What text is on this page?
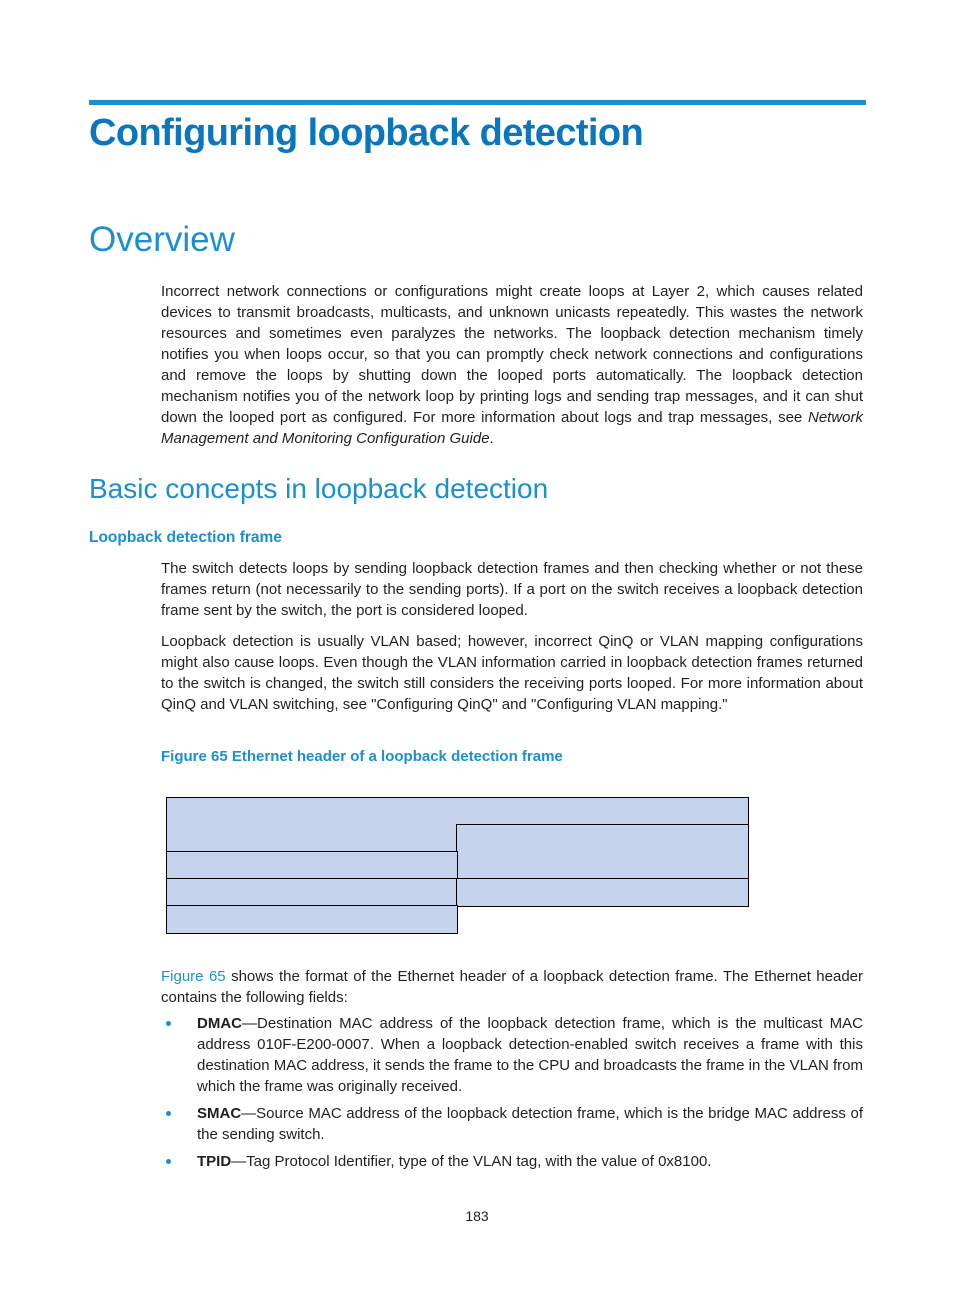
Configuring loopback detection
Overview

Incorrect network connections or configurations might create loops at Layer 2, which causes related devices to transmit broadcasts, multicasts, and unknown unicasts repeatedly. This wastes the network resources and sometimes even paralyzes the networks. The loopback detection mechanism timely notifies you when loops occur, so that you can promptly check network connections and configurations and remove the loops by shutting down the looped ports automatically. The loopback detection mechanism notifies you of the network loop by printing logs and sending trap messages, and it can shut down the looped port as configured. For more information about logs and trap messages, see Network Management and Monitoring Configuration Guide.

Basic concepts in loopback detection
Loopback detection frame

The switch detects loops by sending loopback detection frames and then checking whether or not these frames return (not necessarily to the sending ports). If a port on the switch receives a loopback detection frame sent by the switch, the port is considered looped.

Loopback detection is usually VLAN based; however, incorrect QinQ or VLAN mapping configurations might also cause loops. Even though the VLAN information carried in loopback detection frames returned to the switch is changed, the switch still considers the receiving ports looped. For more information about QinQ and VLAN switching, see "Configuring QinQ" and "Configuring VLAN mapping."

Figure 65 Ethernet header of a loopback detection frame

Figure 65 shows the format of the Ethernet header of a loopback detection frame. The Ethernet header contains the following fields:

DMAC—Destination MAC address of the loopback detection frame, which is the multicast MAC address 010F-E200-0007. When a loopback detection-enabled switch receives a frame with this destination MAC address, it sends the frame to the CPU and broadcasts the frame in the VLAN from which the frame was originally received.
SMAC—Source MAC address of the loopback detection frame, which is the bridge MAC address of the sending switch.
TPID—Tag Protocol Identifier, type of the VLAN tag, with the value of 0x8100.
183
